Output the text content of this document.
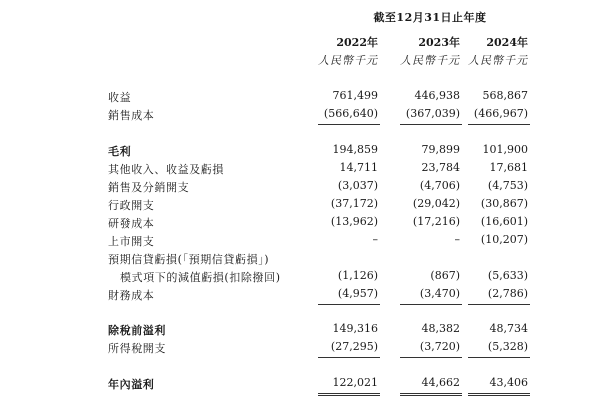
截至12月31日止年度
2022年	2023年	2024年
人民幣千元	人民幣千元 人民幣千元
收益	761,499	446,938	568,867
銷售成本	(566,640)	(367,039)	(466,967)
毛利	194,859	79,899	101,900
其他收入、收益及虧損	14,711	23,784	17,681
銷售及分銷開支	(3,037)	(4,706)	(4,753)
行政開支	(37,172)	(29,042)	(30,867)
研發成本	(13,962)	(17,216)	(16,601)
上市開支	–	–	(10,207)
預期信貸虧損(「預期信貸虧損」)
模式項下的減值虧損(扣除撥回)	(1,126)	(867)	(5,633)
財務成本	(4,957)	(3,470)	(2,786)
除稅前溢利	149,316	48,382	48,734
所得稅開支	(27,295)	(3,720)	(5,328)
年內溢利	122,021	44,662	43,406
